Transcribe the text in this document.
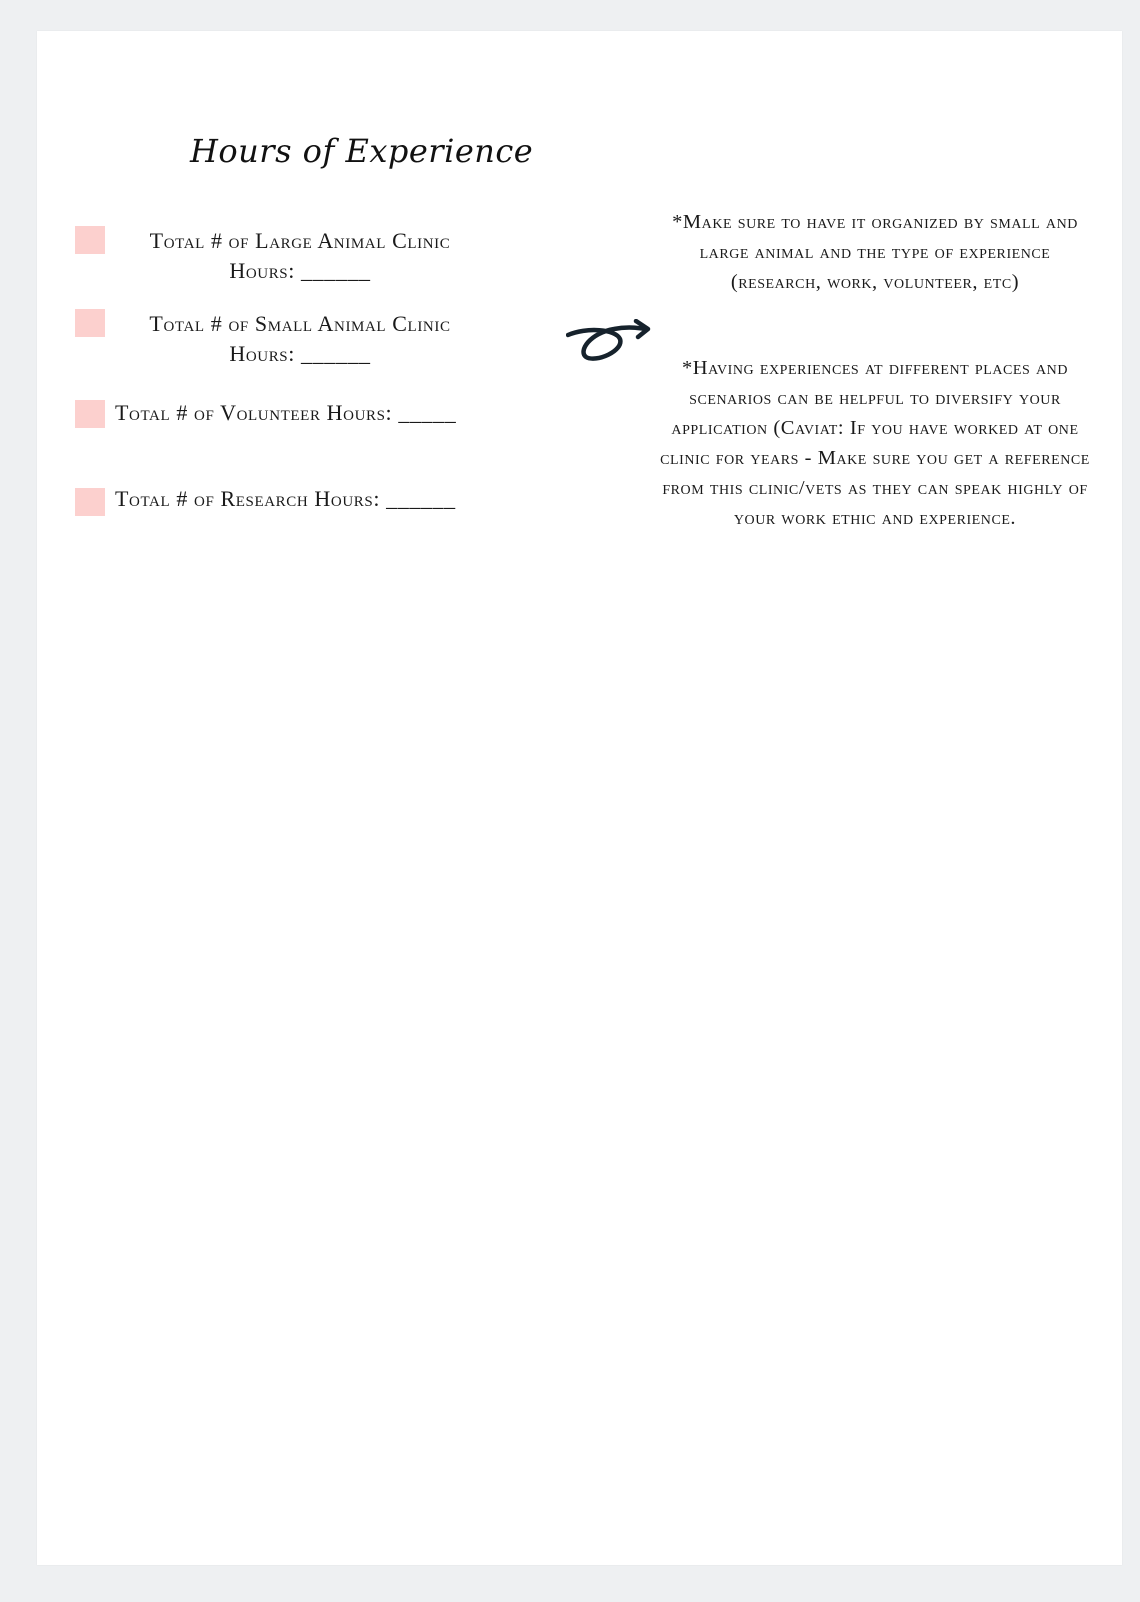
Hours of Experience
Total # of Large Animal Clinic
Hours: ______
Total # of Small Animal Clinic
Hours: ______
Total # of Volunteer Hours: _____
Total # of Research Hours: ______
*Make sure to have it organized by small and large animal and the type of experience (research, work, volunteer, etc)
*Having experiences at different places and scenarios can be helpful to diversify your application (Caviat: If you have worked at one clinic for years - Make sure you get a reference from this clinic/vets as they can speak highly of your work ethic and experience.
